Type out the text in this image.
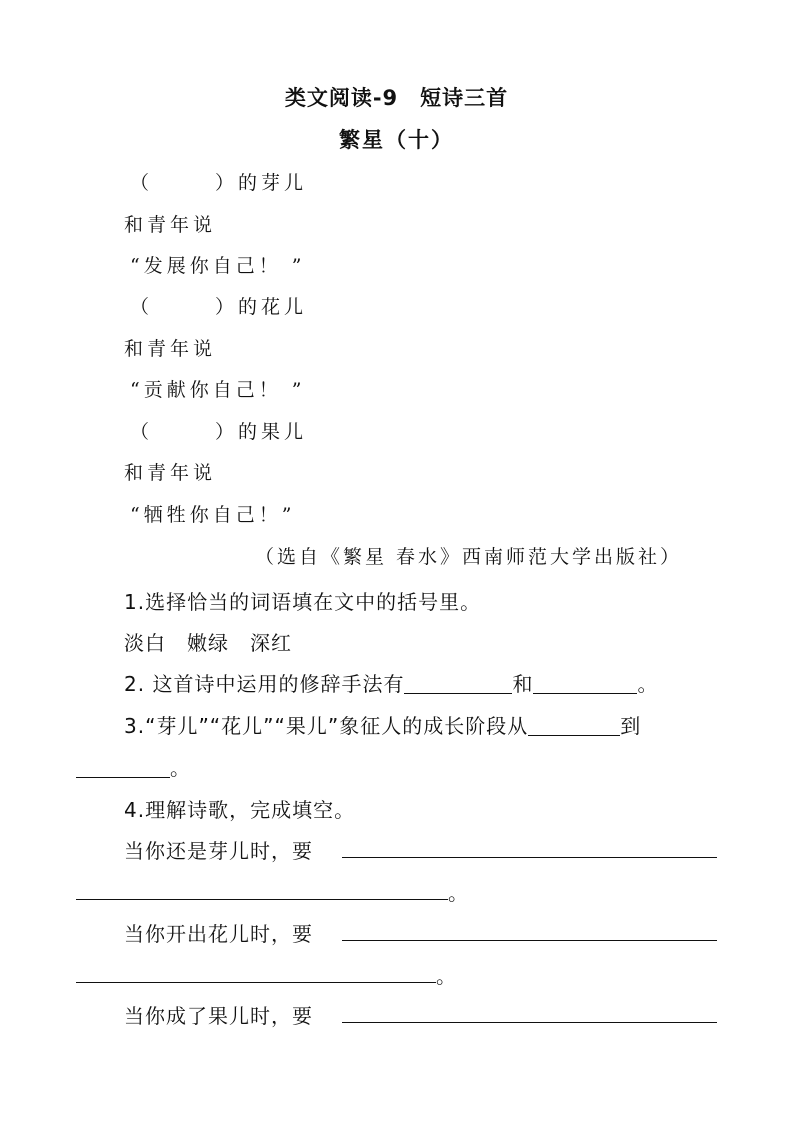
类文阅读-9 短诗三首
繁星（十）
（	）的芽儿
和青年说
“发展你自己！ ”
（	）的花儿
和青年说
“贡献你自己！ ”
（	）的果儿
和青年说
“牺牲你自己！”
（选自《繁星 春水》西南师范大学出版社）
1.选择恰当的词语填在文中的括号里。
淡白　嫩绿　深红
2. 这首诗中运用的修辞手法有	和	。
3.“芽儿”“花儿”“果儿”象征人的成长阶段从	到
。
4.理解诗歌，完成填空。
当你还是芽儿时，要
。
当你开出花儿时，要
。
当你成了果儿时，要
